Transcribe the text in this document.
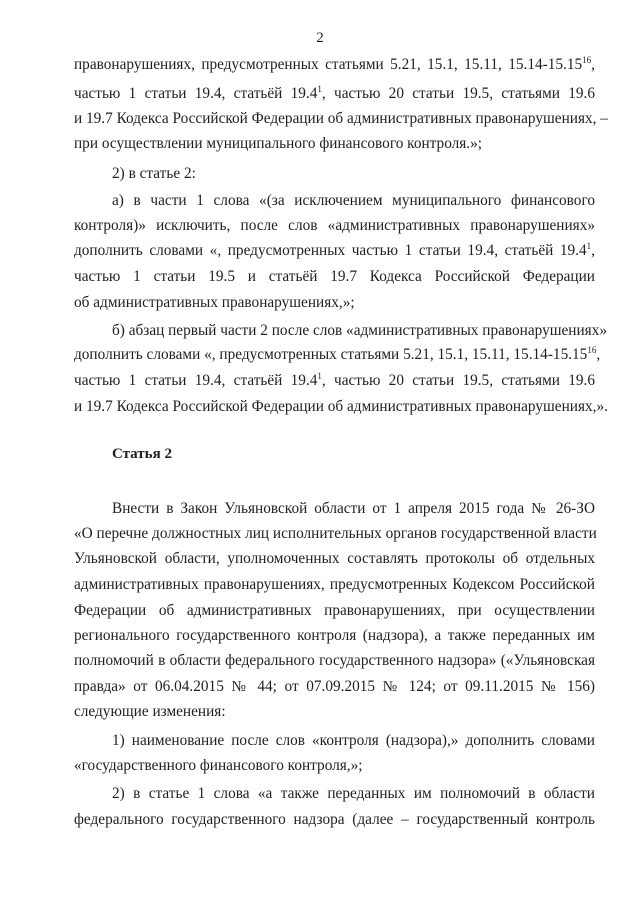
2
правонарушениях, предусмотренных статьями 5.21, 15.1, 15.11, 15.14-15.15$^{16}$,
частью 1 статьи 19.4, статьёй 19.4$^1$, частью 20 статьи 19.5, статьями 19.6
и 19.7 Кодекса Российской Федерации об административных правонарушениях, –
при осуществлении муниципального финансового контроля.»;
2) в статье 2:
а) в части 1 слова «(за исключением муниципального финансового
контроля)» исключить, после слов «административных правонарушениях»
дополнить словами «, предусмотренных частью 1 статьи 19.4, статьёй 19.4$^1$,
частью 1 статьи 19.5 и статьёй 19.7 Кодекса Российской Федерации
об административных правонарушениях,»;
б) абзац первый части 2 после слов «административных правонарушениях»
дополнить словами «, предусмотренных статьями 5.21, 15.1, 15.11, 15.14-15.15$^{16}$,
частью 1 статьи 19.4, статьёй 19.4$^1$, частью 20 статьи 19.5, статьями 19.6
и 19.7 Кодекса Российской Федерации об административных правонарушениях,».
Статья 2
Внести в Закон Ульяновской области от 1 апреля 2015 года № 26-ЗО
«О перечне должностных лиц исполнительных органов государственной власти
Ульяновской области, уполномоченных составлять протоколы об отдельных
административных правонарушениях, предусмотренных Кодексом Российской
Федерации об административных правонарушениях, при осуществлении
регионального государственного контроля (надзора), а также переданных им
полномочий в области федерального государственного надзора» («Ульяновская
правда» от 06.04.2015 № 44; от 07.09.2015 № 124; от 09.11.2015 № 156)
следующие изменения:
1) наименование после слов «контроля (надзора),» дополнить словами
«государственного финансового контроля,»;
2) в статье 1 слова «а также переданных им полномочий в области
федерального государственного надзора (далее – государственный контроль
